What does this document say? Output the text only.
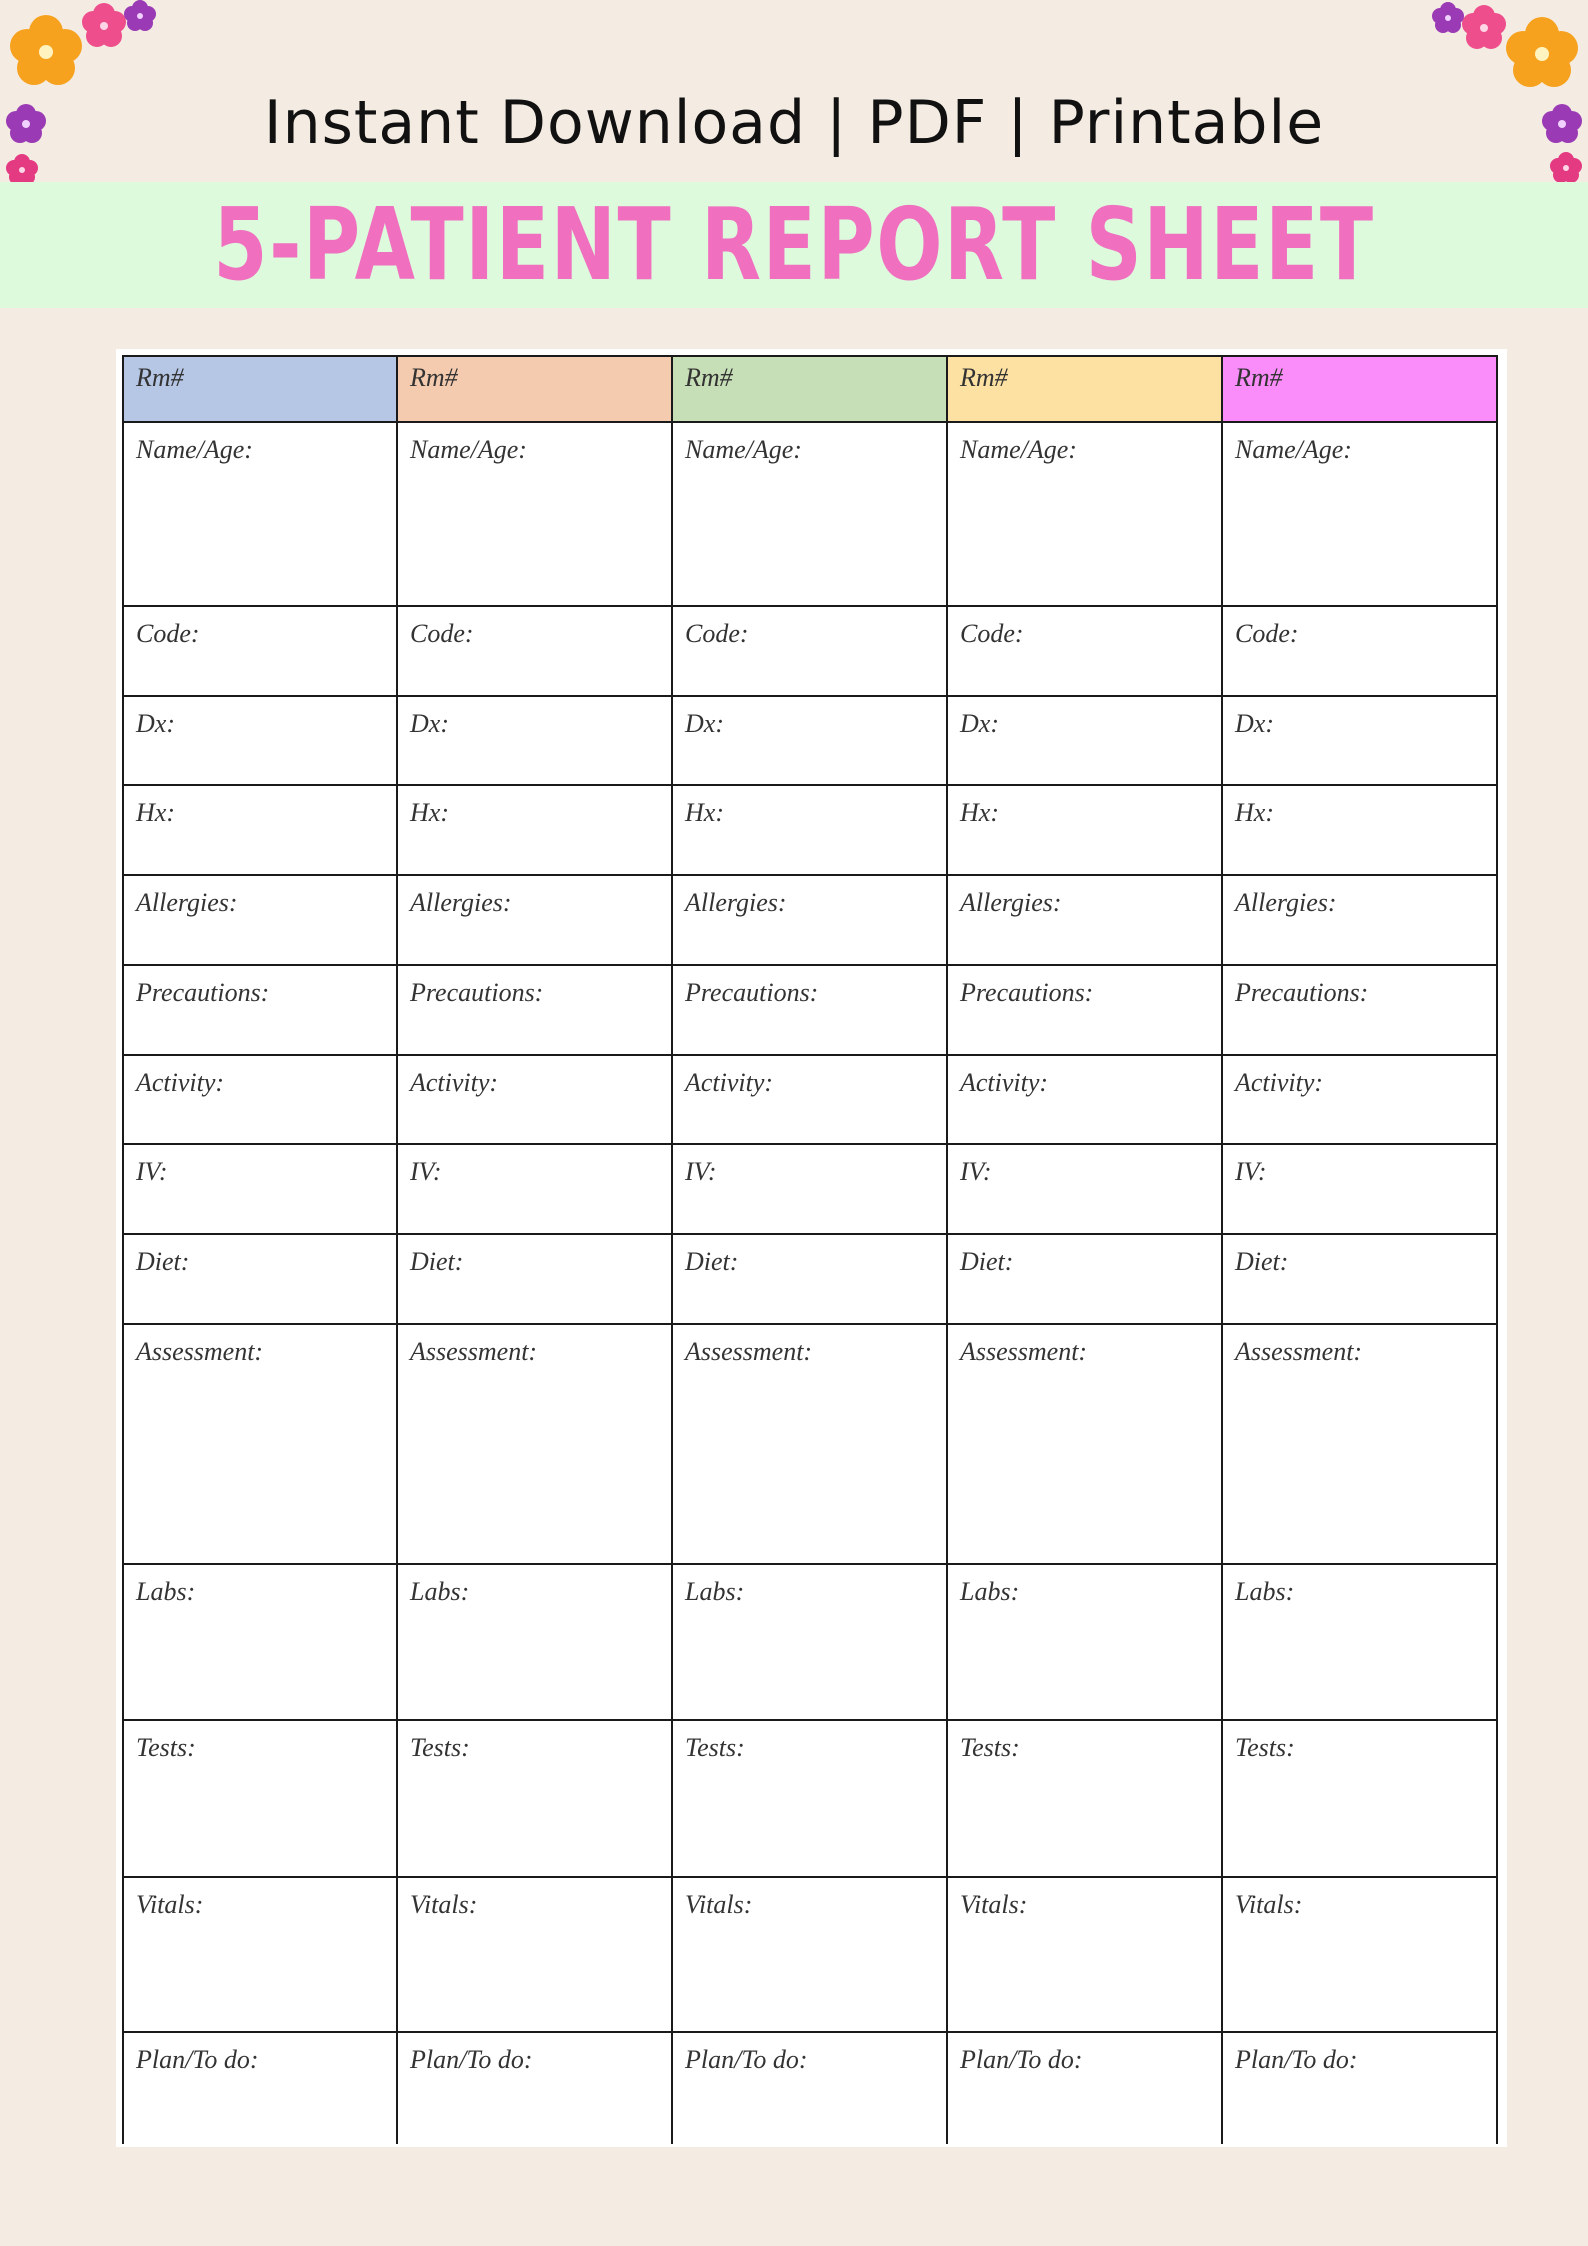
Instant Download | PDF | Printable
5-PATIENT REPORT SHEET
Rm#	Rm#	Rm#	Rm#	Rm#
Name/Age:	Name/Age:	Name/Age:	Name/Age:	Name/Age:
Code:	Code:	Code:	Code:	Code:
Dx:	Dx:	Dx:	Dx:	Dx:
Hx:	Hx:	Hx:	Hx:	Hx:
Allergies:	Allergies:	Allergies:	Allergies:	Allergies:
Precautions:	Precautions:	Precautions:	Precautions:	Precautions:
Activity:	Activity:	Activity:	Activity:	Activity:
IV:	IV:	IV:	IV:	IV:
Diet:	Diet:	Diet:	Diet:	Diet:
Assessment:	Assessment:	Assessment:	Assessment:	Assessment:
Labs:	Labs:	Labs:	Labs:	Labs:
Tests:	Tests:	Tests:	Tests:	Tests:
Vitals:	Vitals:	Vitals:	Vitals:	Vitals:
Plan/To do:	Plan/To do:	Plan/To do:	Plan/To do:	Plan/To do:
